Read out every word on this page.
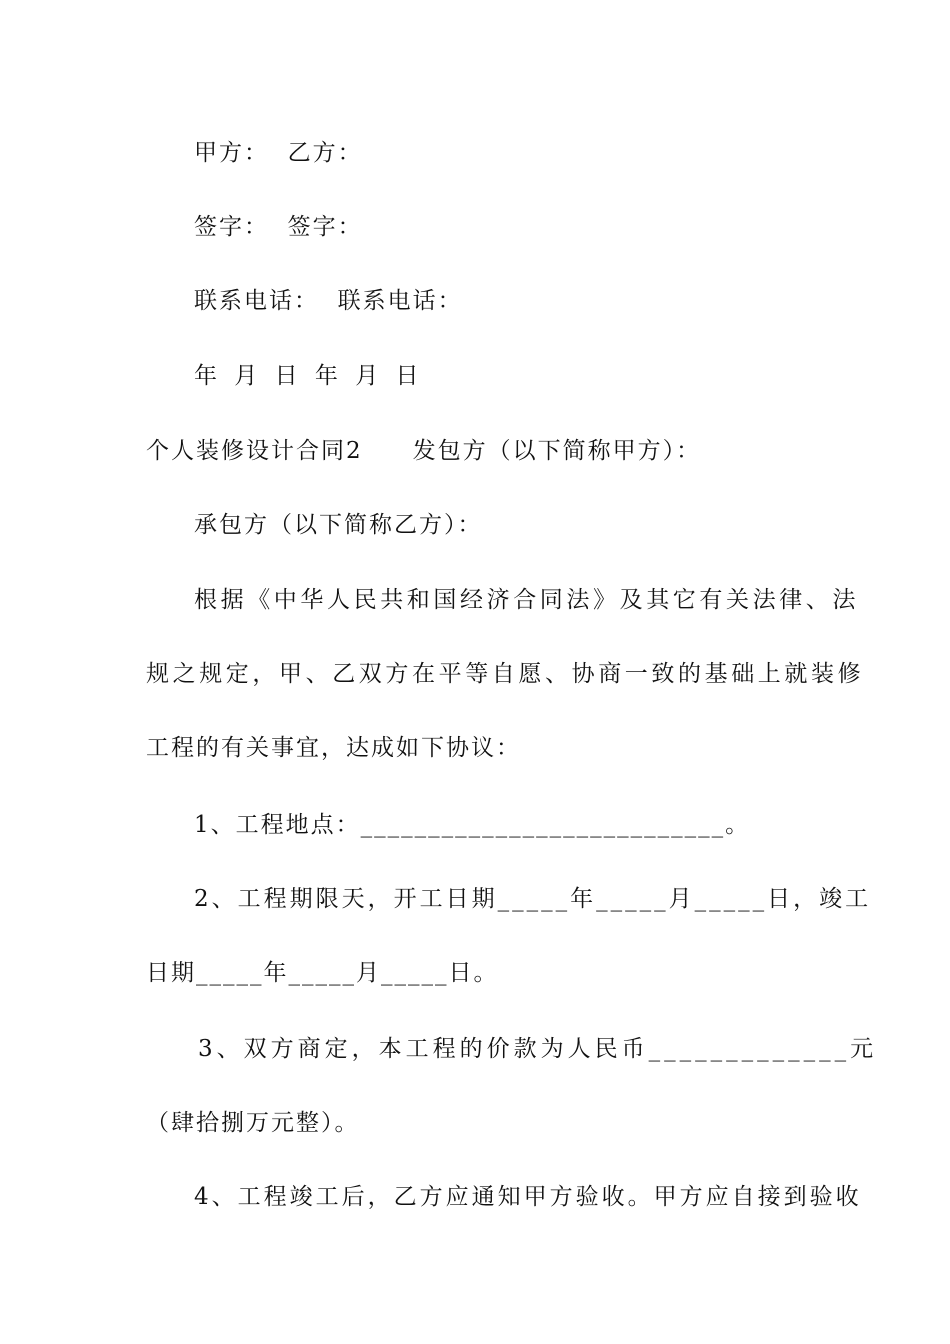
甲方：  乙方：
签字：  签字：
联系电话：  联系电话：
年 月 日 年 月 日
个人装修设计合同2 发包方（以下简称甲方）：
承包方（以下简称乙方）：
根据《中华人民共和国经济合同法》及其它有关法律、法
规之规定，甲、乙双方在平等自愿、协商一致的基础上就装修
工程的有关事宜，达成如下协议：
1、工程地点：___________________________。
2、工程期限天，开工日期_____年_____月_____日，竣工
日期_____年_____月_____日。
3、双方商定，本工程的价款为人民币_____________元
（肆拾捌万元整）。
4、工程竣工后，乙方应通知甲方验收。甲方应自接到验收
